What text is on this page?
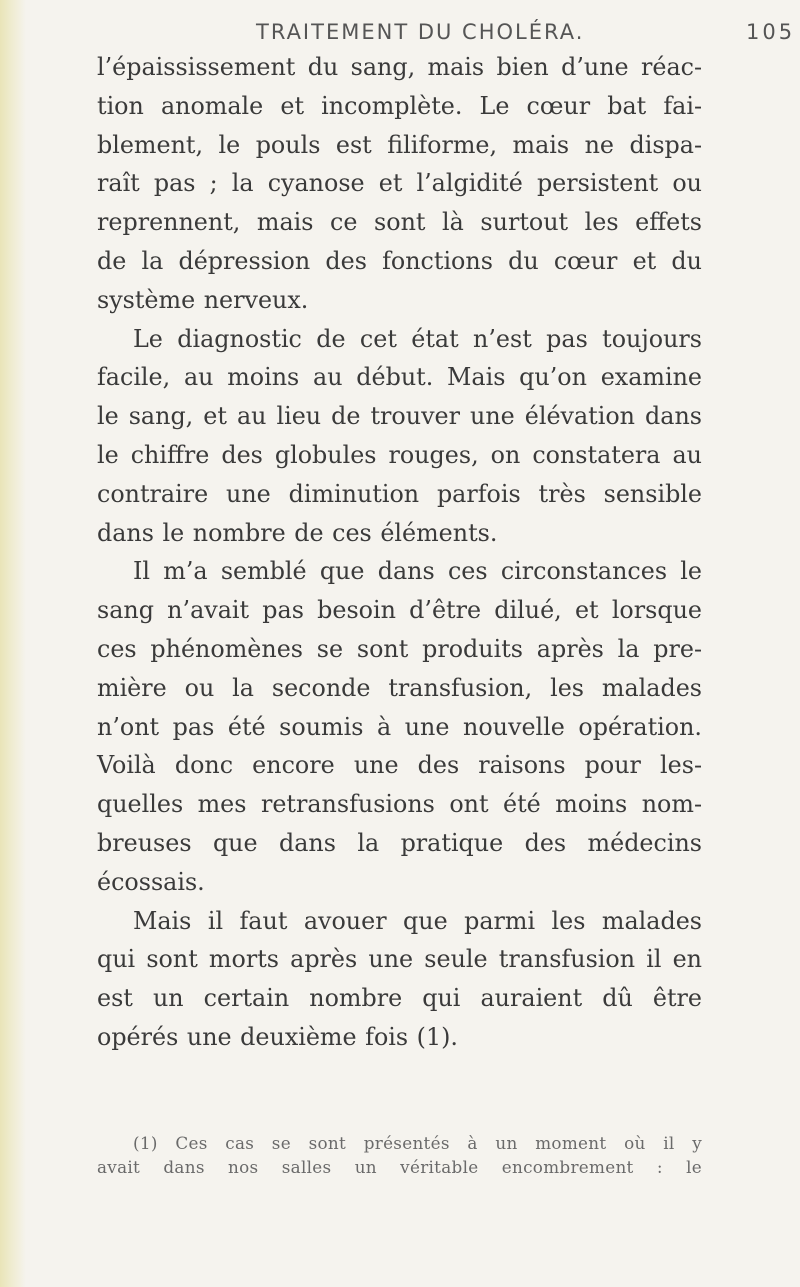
TRAITEMENT DU CHOLÉRA.	105
l’épaississement du sang, mais bien d’une réac-
tion anomale et incomplète. Le cœur bat fai-
blement, le pouls est filiforme, mais ne dispa-
raît pas ; la cyanose et l’algidité persistent ou
reprennent, mais ce sont là surtout les effets
de la dépression des fonctions du cœur et du
système nerveux.
Le diagnostic de cet état n’est pas toujours
facile, au moins au début. Mais qu’on examine
le sang, et au lieu de trouver une élévation dans
le chiffre des globules rouges, on constatera au
contraire une diminution parfois très sensible
dans le nombre de ces éléments.
Il m’a semblé que dans ces circonstances le
sang n’avait pas besoin d’être dilué, et lorsque
ces phénomènes se sont produits après la pre-
mière ou la seconde transfusion, les malades
n’ont pas été soumis à une nouvelle opération.
Voilà donc encore une des raisons pour les-
quelles mes retransfusions ont été moins nom-
breuses que dans la pratique des médecins
écossais.
Mais il faut avouer que parmi les malades
qui sont morts après une seule transfusion il en
est un certain nombre qui auraient dû être
opérés une deuxième fois (1).
(1) Ces cas se sont présentés à un moment où il y
avait dans nos salles un véritable encombrement : le
